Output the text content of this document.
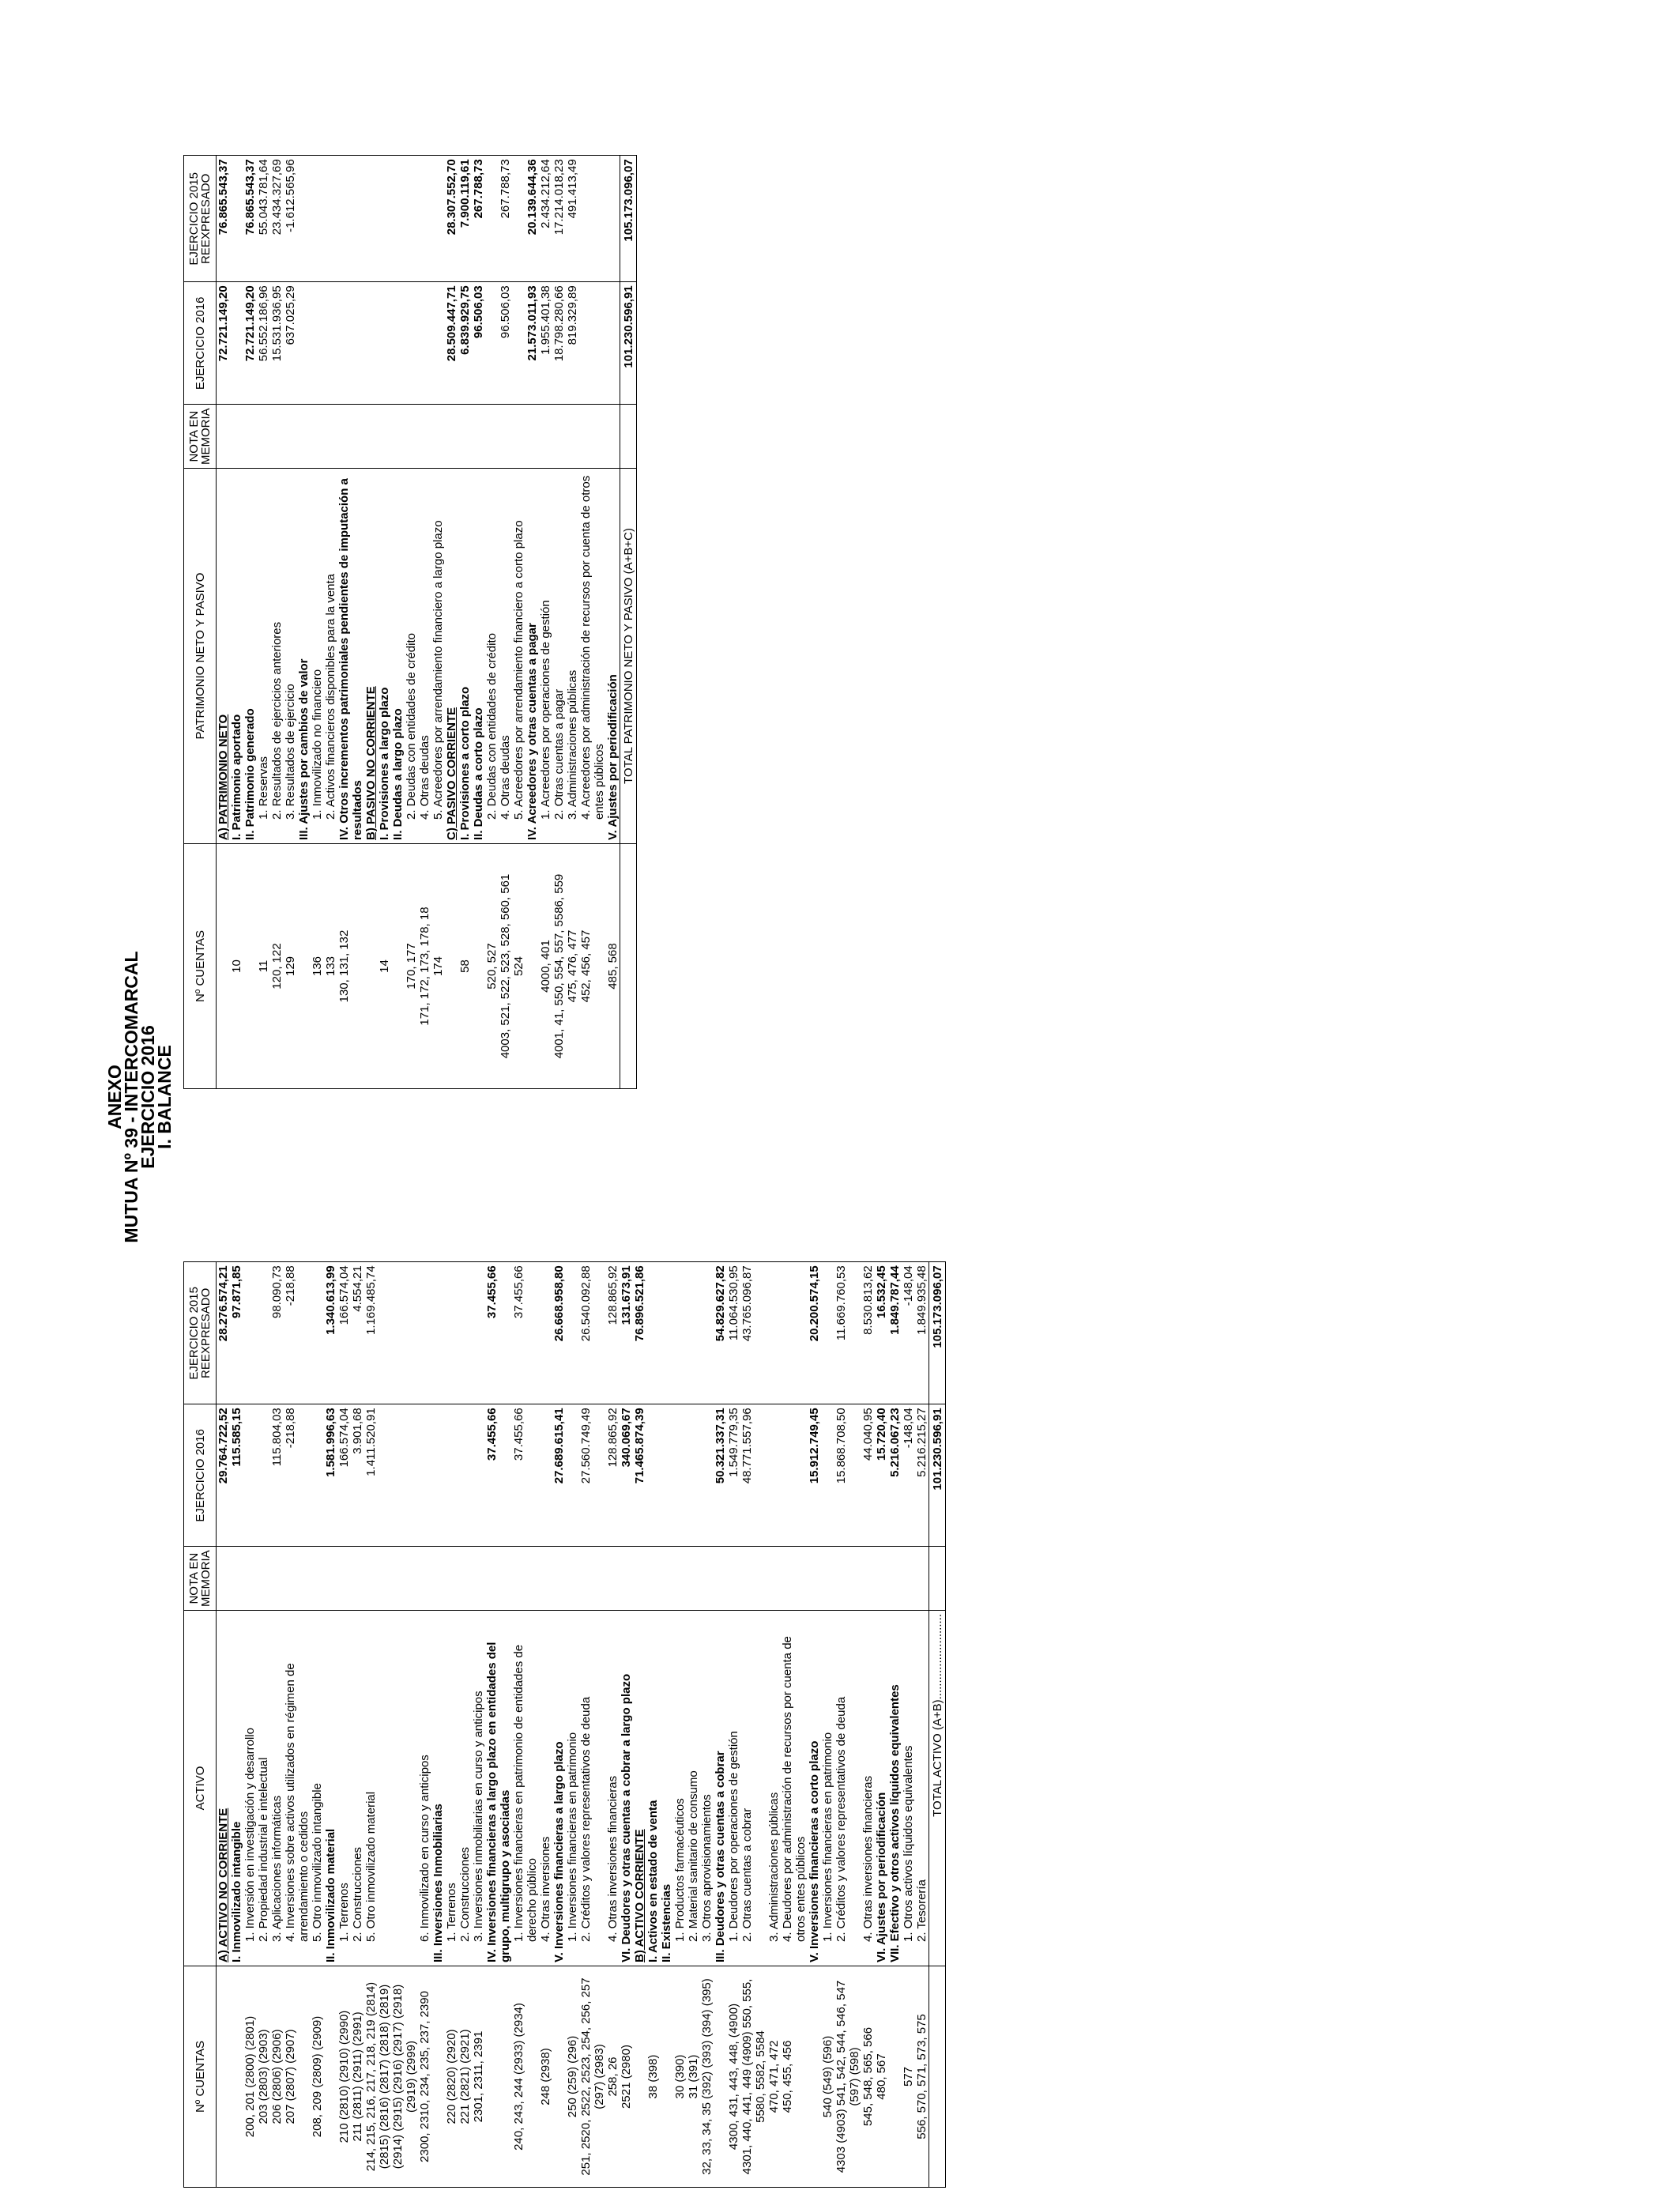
ANEXO
MUTUA Nº 39 - INTERCOMARCAL
EJERCICIO 2016
I. BALANCE
Nº CUENTAS	ACTIVO	NOTA EN MEMORIA	EJERCICIO 2016	EJERCICIO 2015 REEXPRESADO
	A) ACTIVO NO CORRIENTE		29.764.722,52	28.276.574,21
	I. Inmovilizado intangible		115.585,15	97.871,85
200, 201 (2800) (2801)	1. Inversión en investigación y desarrollo			
203 (2803) (2903)	2. Propiedad industrial e intelectual			
206 (2806) (2906)	3. Aplicaciones informáticas		115.804,03	98.090,73
207 (2807) (2907)	4. Inversiones sobre activos utilizados en régimen de arrendamiento o cedidos		-218,88	-218,88
208, 209 (2809) (2909)	5. Otro inmovilizado intangible			
	II. Inmovilizado material		1.581.996,63	1.340.613,99
210 (2810) (2910) (2990)	1. Terrenos		166.574,04	166.574,04
211 (2811) (2911) (2991)	2. Construcciones		3.901,68	4.554,21
214, 215, 216, 217, 218, 219 (2814) (2815) (2816) (2817) (2818) (2819) (2914) (2915) (2916) (2917) (2918) (2919) (2999)	5. Otro inmovilizado material		1.411.520,91	1.169.485,74
2300, 2310, 234, 235, 237, 2390	6. Inmovilizado en curso y anticipos			
	III. Inversiones Inmobiliarias			
220 (2820) (2920)	1. Terrenos			
221 (2821) (2921)	2. Construcciones			
2301, 2311, 2391	3. Inversiones inmobiliarias en curso y anticipos			
	IV. Inversiones financieras a largo plazo en entidades del grupo, multigrupo y asociadas		37.455,66	37.455,66
240, 243, 244 (2933) (2934)	1. Inversiones financieras en patrimonio de entidades de derecho público		37.455,66	37.455,66
248 (2938)	4. Otras inversiones			
	V. Inversiones financieras a largo plazo		27.689.615,41	26.668.958,80
250 (259) (296)	1. Inversiones financieras en patrimonio			
251, 2520, 2522, 2523, 254, 256, 257 (297) (2983)	2. Créditos y valores representativos de deuda		27.560.749,49	26.540.092,88
258, 26	4. Otras inversiones financieras		128.865,92	128.865,92
2521 (2980)	VI. Deudores y otras cuentas a cobrar a largo plazo		340.069,67	131.673,91
	B) ACTIVO CORRIENTE		71.465.874,39	76.896.521,86
38 (398)	I. Activos en estado de venta			
	II. Existencias			
30 (390)	1. Productos farmacéuticos			
31 (391)	2. Material sanitario de consumo			
32, 33, 34, 35 (392) (393) (394) (395)	3. Otros aprovisionamientos			
	III. Deudores y otras cuentas a cobrar		50.321.337,31	54.829.627,82
4300, 431, 443, 448, (4900)	1. Deudores por operaciones de gestión		1.549.779,35	11.064.530,95
4301, 440, 441, 449 (4909) 550, 555, 5580, 5582, 5584	2. Otras cuentas a cobrar		48.771.557,96	43.765.096,87
470, 471, 472	3. Administraciones públicas			
450, 455, 456	4. Deudores por administración de recursos por cuenta de otros entes públicos			
	V. Inversiones financieras a corto plazo		15.912.749,45	20.200.574,15
540 (549) (596)	1. Inversiones financieras en patrimonio			
4303 (4903) 541, 542, 544, 546, 547 (597) (598)	2. Créditos y valores representativos de deuda		15.868.708,50	11.669.760,53
545, 548, 565, 566	4. Otras inversiones financieras		44.040,95	8.530.813,62
480, 567	VI. Ajustes por periodificación		15.720,40	16.532,45
	VII. Efectivo y otros activos líquidos equivalentes		5.216.067,23	1.849.787,44
577	1. Otros activos líquidos equivalentes		-148,04	-148,04
556, 570, 571, 573, 575	2. Tesorería		5.216.215,27	1.849.935,48
	TOTAL ACTIVO (A+B)..........................		101.230.596,91	105.173.096,07
Nº CUENTAS	PATRIMONIO NETO Y PASIVO	NOTA EN MEMORIA	EJERCICIO 2016	EJERCICIO 2015 REEXPRESADO
	A) PATRIMONIO NETO		72.721.149,20	76.865.543,37
10	I. Patrimonio aportado			
	II. Patrimonio generado		72.721.149,20	76.865.543,37
11	1. Reservas		56.552.186,96	55.043.781,64
120, 122	2. Resultados de ejercicios anteriores		15.531.936,95	23.434.327,69
129	3. Resultados de ejercicio		637.025,29	-1.612.565,96
	III. Ajustes por cambios de valor			
136	1. Inmovilizado no financiero			
133	2. Activos financieros disponibles para la venta			
130, 131, 132	IV. Otros incrementos patrimoniales pendientes de imputación a resultados			
	B) PASIVO NO CORRIENTE			
14	I. Provisiones a largo plazo			
	II. Deudas a largo plazo			
170, 177	2. Deudas con entidades de crédito			
171, 172, 173, 178, 18	4. Otras deudas			
174	5. Acreedores por arrendamiento financiero a largo plazo			
	C) PASIVO CORRIENTE		28.509.447,71	28.307.552,70
58	I. Provisiones a corto plazo		6.839.929,75	7.900.119,61
	II. Deudas a corto plazo		96.506,03	267.788,73
520, 527	2. Deudas con entidades de crédito			
4003, 521, 522, 523, 528, 560, 561	4. Otras deudas		96.506,03	267.788,73
524	5. Acreedores por arrendamiento financiero a corto plazo			
	IV. Acreedores y otras cuentas a pagar		21.573.011,93	20.139.644,36
4000, 401	1. Acreedores por operaciones de gestión		1.955.401,38	2.434.212,64
4001, 41, 550, 554, 557, 5586, 559	2. Otras cuentas a pagar		18.798.280,66	17.214.018,23
475, 476, 477	3. Administraciones públicas		819.329,89	491.413,49
452, 456, 457	4. Acreedores por administración de recursos por cuenta de otros entes públicos			
485, 568	V. Ajustes por periodificación			
	TOTAL PATRIMONIO NETO Y PASIVO (A+B+C)		101.230.596,91	105.173.096,07
